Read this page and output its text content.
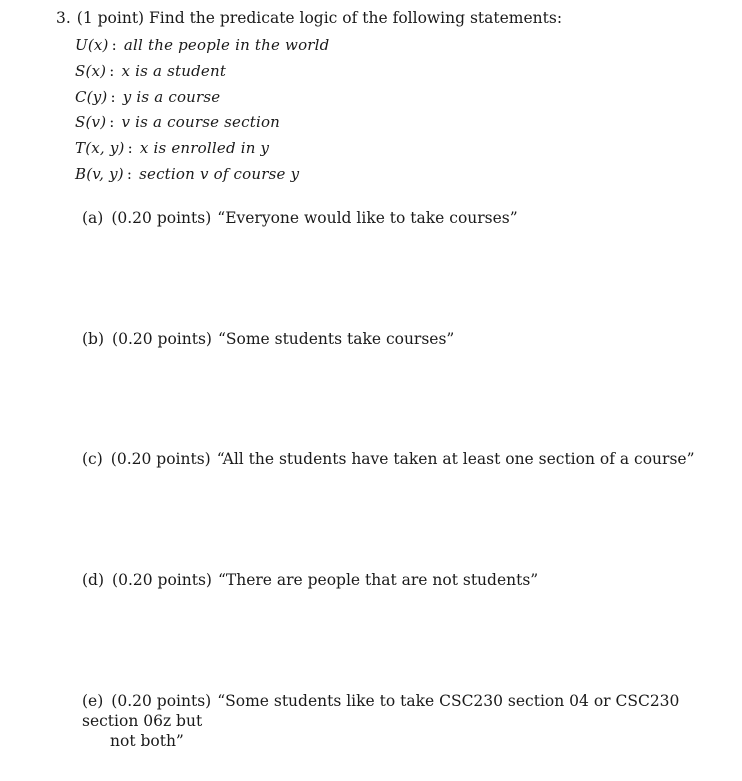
3. (1 point) Find the predicate logic of the following statements:
U(x) : all the people in the world
S(x) : x is a student
C(y) : y is a course
S(v) : v is a course section
T(x, y) : x is enrolled in y
B(v, y) : section v of course y
(a) (0.20 points) “Everyone would like to take courses”
(b) (0.20 points) “Some students take courses”
(c) (0.20 points) “All the students have taken at least one section of a course”
(d) (0.20 points) “There are people that are not students”
(e) (0.20 points) “Some students like to take CSC230 section 04 or CSC230 section 06z but
not both”
